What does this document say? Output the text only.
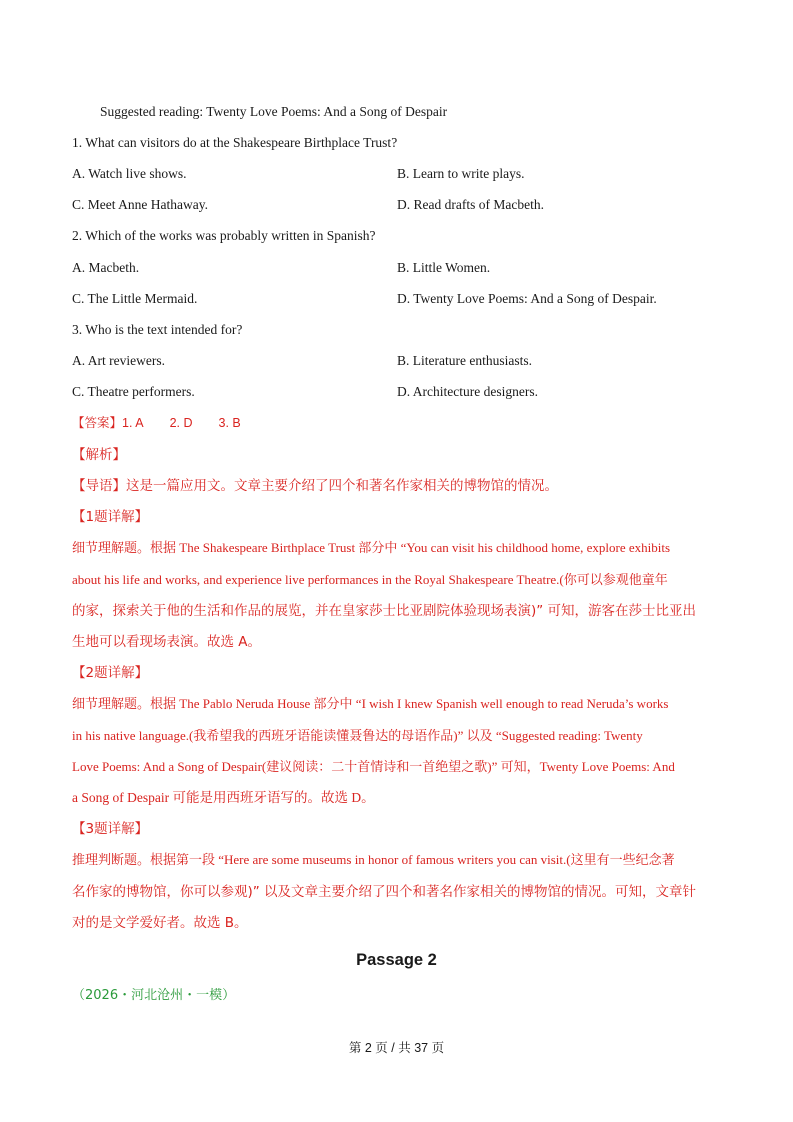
Suggested reading: Twenty Love Poems: And a Song of Despair
1. What can visitors do at the Shakespeare Birthplace Trust?
A. Watch live shows.	B. Learn to write plays.
C. Meet Anne Hathaway.	D. Read drafts of Macbeth.
2. Which of the works was probably written in Spanish?
A. Macbeth.	B. Little Women.
C. The Little Mermaid.	D. Twenty Love Poems: And a Song of Despair.
3. Who is the text intended for?
A. Art reviewers.	B. Literature enthusiasts.
C. Theatre performers.	D. Architecture designers.
【答案】1. A 2. D 3. B
【解析】
【导语】这是一篇应用文。文章主要介绍了四个和著名作家相关的博物馆的情况。
【1题详解】
细节理解题。根据 The Shakespeare Birthplace Trust 部分中 “You can visit his childhood home, explore exhibits
about his life and works, and experience live performances in the Royal Shakespeare Theatre.(你可以参观他童年
的家，探索关于他的生活和作品的展览，并在皇家莎士比亚剧院体验现场表演)” 可知，游客在莎士比亚出
生地可以看现场表演。故选 A。
【2题详解】
细节理解题。根据 The Pablo Neruda House 部分中 “I wish I knew Spanish well enough to read Neruda’s works
in his native language.(我希望我的西班牙语能读懂聂鲁达的母语作品)” 以及 “Suggested reading: Twenty
Love Poems: And a Song of Despair(建议阅读：二十首情诗和一首绝望之歌)” 可知，Twenty Love Poems: And
a Song of Despair 可能是用西班牙语写的。故选 D。
【3题详解】
推理判断题。根据第一段 “Here are some museums in honor of famous writers you can visit.(这里有一些纪念著
名作家的博物馆，你可以参观)” 以及文章主要介绍了四个和著名作家相关的博物馆的情况。可知，文章针
对的是文学爱好者。故选 B。
Passage 2
（2026・河北沧州・一模）
第 2 页 / 共 37 页
